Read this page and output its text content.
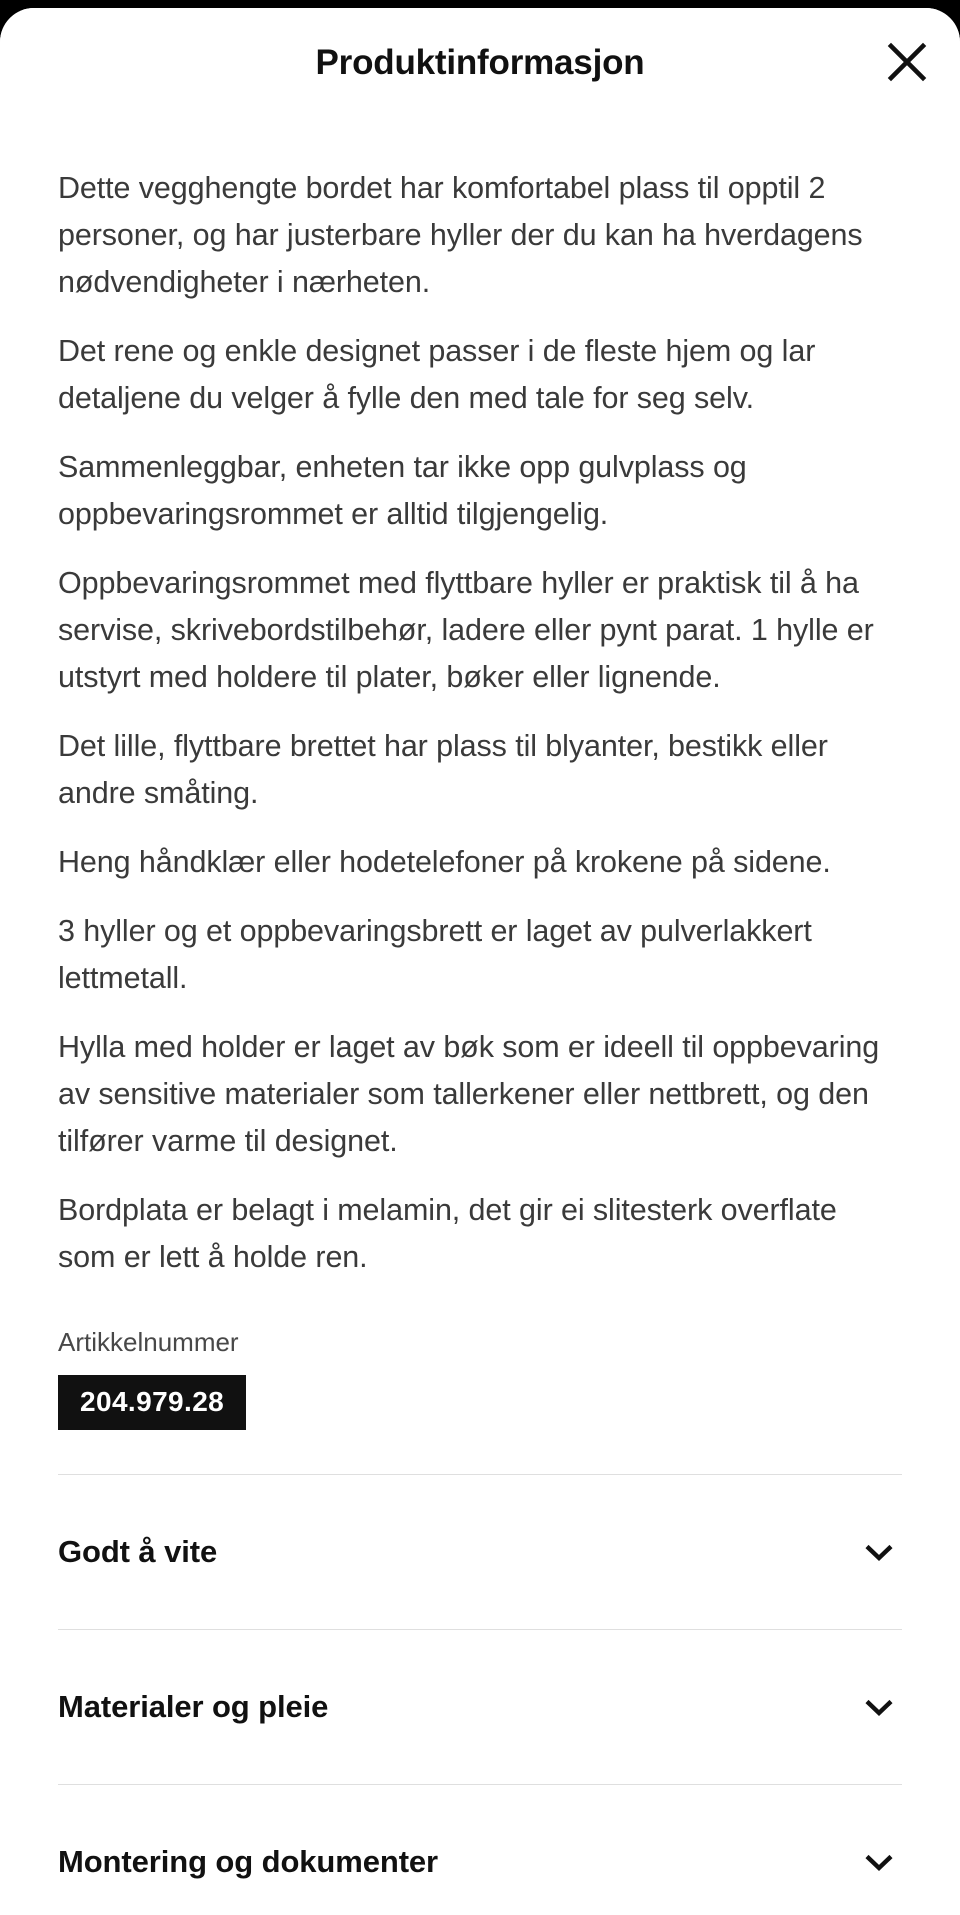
Produktinformasjon

Dette vegghengte bordet har komfortabel plass til opptil 2 personer, og har justerbare hyller der du kan ha hverdagens nødvendigheter i nærheten.

Det rene og enkle designet passer i de fleste hjem og lar detaljene du velger å fylle den med tale for seg selv.

Sammenleggbar, enheten tar ikke opp gulvplass og oppbevaringsrommet er alltid tilgjengelig.

Oppbevaringsrommet med flyttbare hyller er praktisk til å ha servise, skrivebordstilbehør, ladere eller pynt parat. 1 hylle er utstyrt med holdere til plater, bøker eller lignende.

Det lille, flyttbare brettet har plass til blyanter, bestikk eller andre småting.

Heng håndklær eller hodetelefoner på krokene på sidene.

3 hyller og et oppbevaringsbrett er laget av pulverlakkert lettmetall.

Hylla med holder er laget av bøk som er ideell til oppbevaring av sensitive materialer som tallerkener eller nettbrett, og den tilfører varme til designet.

Bordplata er belagt i melamin, det gir ei slitesterk overflate som er lett å holde ren.

Artikkelnummer
204.979.28
Godt å vite
Materialer og pleie
Montering og dokumenter
